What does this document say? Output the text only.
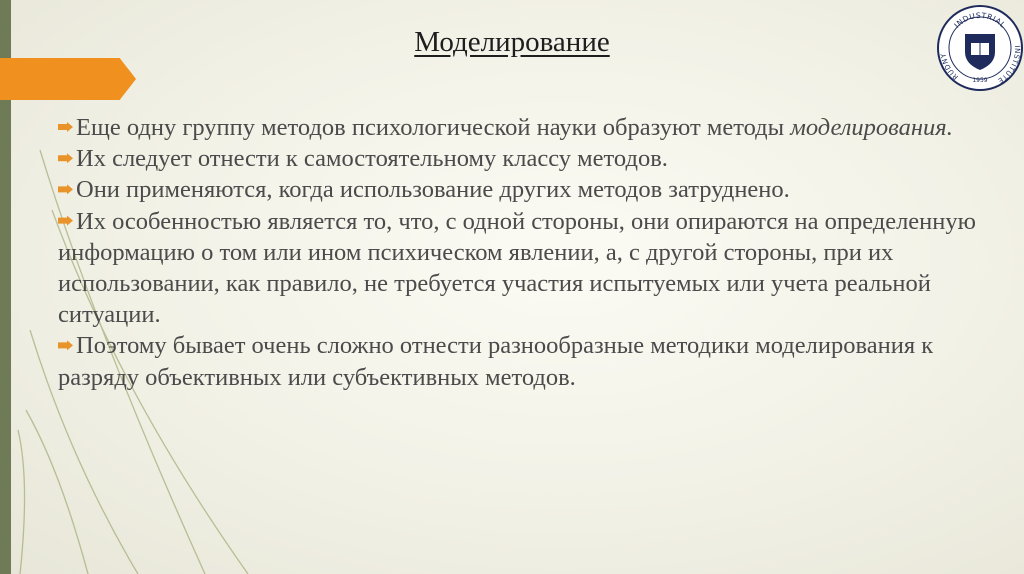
Моделирование

Еще одну группу методов психологической науки образуют методы моделирования.

Их следует отнести к самостоятельному классу методов.

Они применяются, когда использование других методов затруднено.

Их особенностью является то, что, с одной стороны, они опираются на определенную информацию о том или ином психическом явлении, а, с другой стороны, при их использовании, как правило, не требуется участия испытуемых или учета реальной ситуации.

Поэтому бывает очень сложно отнести разнообразные методики моделирования к разряду объективных или субъективных методов.

INDUSTRIAL
RUDNY
INSTITUTE
1959
